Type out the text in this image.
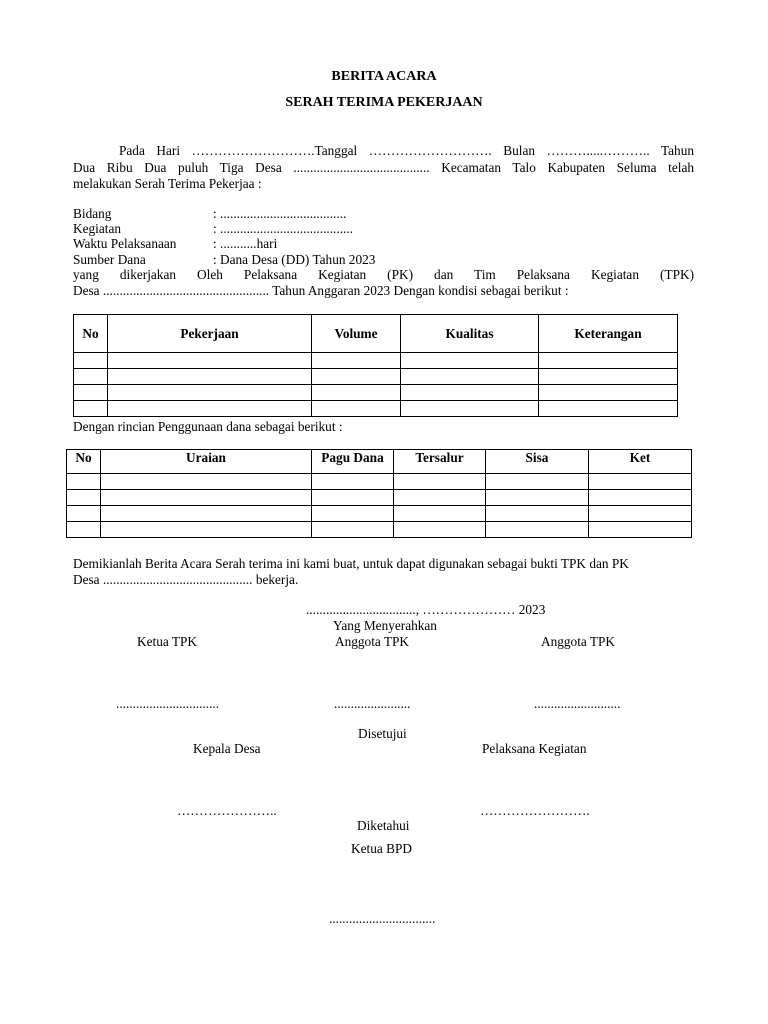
BERITA ACARA
SERAH TERIMA PEKERJAAN
Pada Hari ……………………….Tanggal ………………………. Bulan ……….....……….. Tahun
Dua Ribu Dua puluh Tiga Desa ......................................... Kecamatan Talo Kabupaten Seluma telah
melakukan Serah Terima Pekerjaa :
Bidang	: ......................................
Kegiatan	: ........................................
Waktu Pelaksanaan	: ...........hari
Sumber Dana	: Dana Desa (DD) Tahun 2023
yang dikerjakan Oleh Pelaksana Kegiatan (PK) dan Tim Pelaksana Kegiatan (TPK)
Desa .................................................. Tahun Anggaran 2023 Dengan kondisi sebagai berikut :
No	Pekerjaan	Volume	Kualitas	Keterangan

Dengan rincian Penggunaan dana sebagai berikut :
No	Uraian	Pagu Dana	Tersalur	Sisa	Ket

Demikianlah Berita Acara Serah terima ini kami buat, untuk dapat digunakan sebagai bukti TPK dan PK
Desa ............................................. bekerja.
................................., ………………… 2023
Yang Menyerahkan
Ketua TPK	Anggota TPK	Anggota TPK
...............................	.......................	..........................
Disetujui
Kepala Desa	Pelaksana Kegiatan
…………………..	…………………….
Diketahui
Ketua BPD
................................
